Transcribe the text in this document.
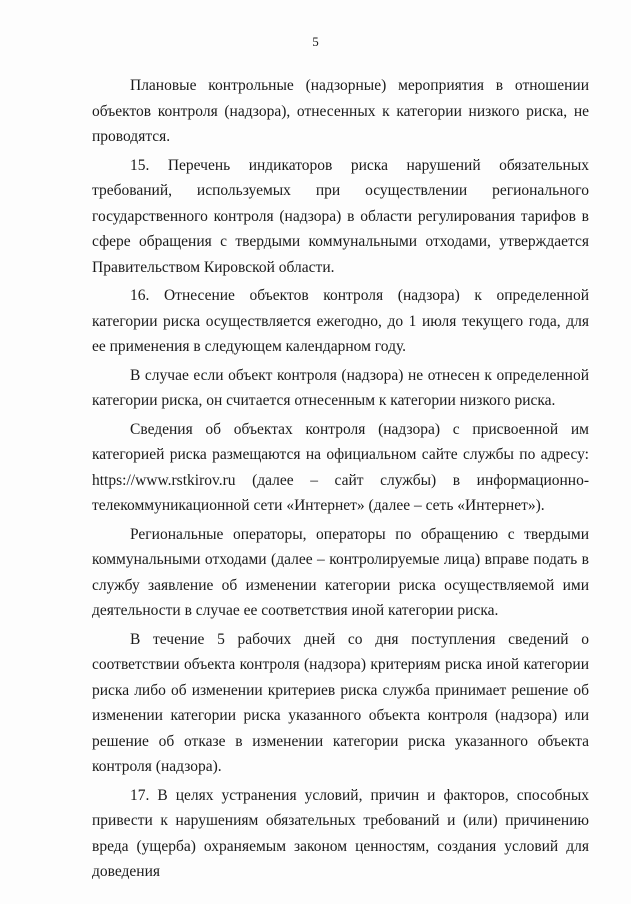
5

Плановые контрольные (надзорные) мероприятия в отношении объектов контроля (надзора), отнесенных к категории низкого риска, не проводятся.

15. Перечень индикаторов риска нарушений обязательных требований, используемых при осуществлении регионального государственного контроля (надзора) в области регулирования тарифов в сфере обращения с твердыми коммунальными отходами, утверждается Правительством Кировской области.

16. Отнесение объектов контроля (надзора) к определенной категории риска осуществляется ежегодно, до 1 июля текущего года, для ее применения в следующем календарном году.

В случае если объект контроля (надзора) не отнесен к определенной категории риска, он считается отнесенным к категории низкого риска.

Сведения об объектах контроля (надзора) с присвоенной им категорией риска размещаются на официальном сайте службы по адресу: https://www.rstkirov.ru (далее – сайт службы) в информационно-телекоммуникационной сети «Интернет» (далее – сеть «Интернет»).

Региональные операторы, операторы по обращению с твердыми коммунальными отходами (далее – контролируемые лица) вправе подать в службу заявление об изменении категории риска осуществляемой ими деятельности в случае ее соответствия иной категории риска.

В течение 5 рабочих дней со дня поступления сведений о соответствии объекта контроля (надзора) критериям риска иной категории риска либо об изменении критериев риска служба принимает решение об изменении категории риска указанного объекта контроля (надзора) или решение об отказе в изменении категории риска указанного объекта контроля (надзора).

17. В целях устранения условий, причин и факторов, способных привести к нарушениям обязательных требований и (или) причинению вреда (ущерба) охраняемым законом ценностям, создания условий для доведения
